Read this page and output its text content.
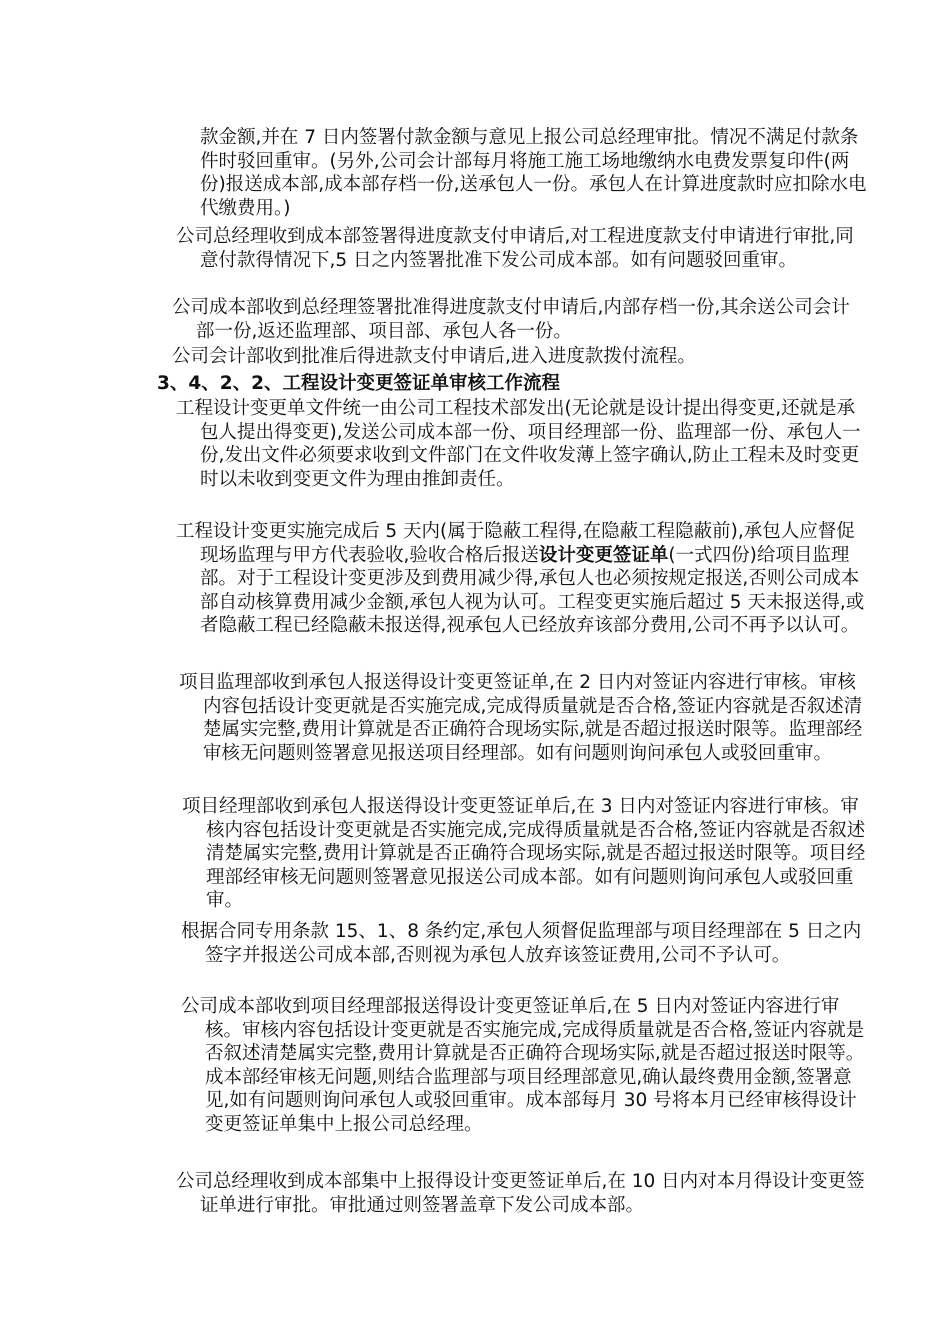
款金额,并在 7 日内签署付款金额与意见上报公司总经理审批。情况不满足付款条件时驳回重审。(另外,公司会计部每月将施工施工场地缴纳水电费发票复印件(两份)报送成本部,成本部存档一份,送承包人一份。承包人在计算进度款时应扣除水电代缴费用。)

公司总经理收到成本部签署得进度款支付申请后,对工程进度款支付申请进行审批,同意付款得情况下,5 日之内签署批准下发公司成本部。如有问题驳回重审。

公司成本部收到总经理签署批准得进度款支付申请后,内部存档一份,其余送公司会计部一份,返还监理部、项目部、承包人各一份。

公司会计部收到批准后得进款支付申请后,进入进度款拨付流程。

3、4、2、2、工程设计变更签证单审核工作流程

工程设计变更单文件统一由公司工程技术部发出(无论就是设计提出得变更,还就是承包人提出得变更),发送公司成本部一份、项目经理部一份、监理部一份、承包人一份,发出文件必须要求收到文件部门在文件收发薄上签字确认,防止工程未及时变更时以未收到变更文件为理由推卸责任。

工程设计变更实施完成后 5 天内(属于隐蔽工程得,在隐蔽工程隐蔽前),承包人应督促现场监理与甲方代表验收,验收合格后报送设计变更签证单(一式四份)给项目监理部。对于工程设计变更涉及到费用减少得,承包人也必须按规定报送,否则公司成本部自动核算费用减少金额,承包人视为认可。工程变更实施后超过 5 天未报送得,或者隐蔽工程已经隐蔽未报送得,视承包人已经放弃该部分费用,公司不再予以认可。

项目监理部收到承包人报送得设计变更签证单,在 2 日内对签证内容进行审核。审核内容包括设计变更就是否实施完成,完成得质量就是否合格,签证内容就是否叙述清楚属实完整,费用计算就是否正确符合现场实际,就是否超过报送时限等。监理部经审核无问题则签署意见报送项目经理部。如有问题则询问承包人或驳回重审。

项目经理部收到承包人报送得设计变更签证单后,在 3 日内对签证内容进行审核。审核内容包括设计变更就是否实施完成,完成得质量就是否合格,签证内容就是否叙述清楚属实完整,费用计算就是否正确符合现场实际,就是否超过报送时限等。项目经理部经审核无问题则签署意见报送公司成本部。如有问题则询问承包人或驳回重审。

根据合同专用条款 15、1、8 条约定,承包人须督促监理部与项目经理部在 5 日之内签字并报送公司成本部,否则视为承包人放弃该签证费用,公司不予认可。

公司成本部收到项目经理部报送得设计变更签证单后,在 5 日内对签证内容进行审核。审核内容包括设计变更就是否实施完成,完成得质量就是否合格,签证内容就是否叙述清楚属实完整,费用计算就是否正确符合现场实际,就是否超过报送时限等。成本部经审核无问题,则结合监理部与项目经理部意见,确认最终费用金额,签署意见,如有问题则询问承包人或驳回重审。成本部每月 30 号将本月已经审核得设计变更签证单集中上报公司总经理。

公司总经理收到成本部集中上报得设计变更签证单后,在 10 日内对本月得设计变更签证单进行审批。审批通过则签署盖章下发公司成本部。
